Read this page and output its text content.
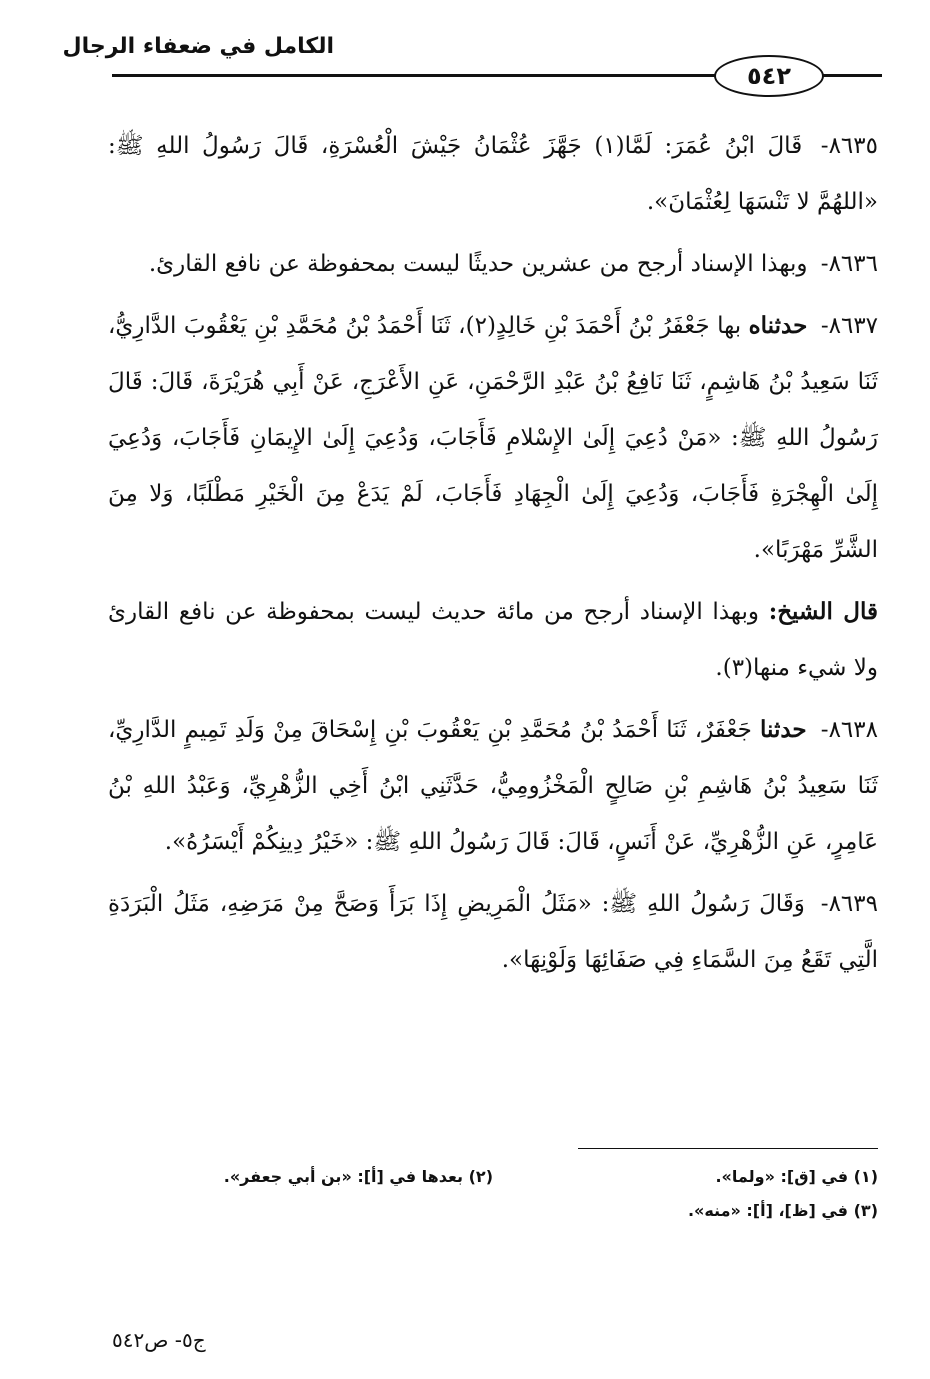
الكامل في ضعفاء الرجال
٥٤٢

٨٦٣٥- قَالَ ابْنُ عُمَرَ: لَمَّا(١) جَهَّزَ عُثْمَانُ جَيْشَ الْعُسْرَةِ، قَالَ رَسُولُ اللهِ ﷺ: «اللهُمَّ لا تَنْسَهَا لِعُثْمَانَ».

٨٦٣٦- وبهذا الإسناد أرجح من عشرين حديثًا ليست بمحفوظة عن نافع القارئ.

٨٦٣٧- حدثناه بها جَعْفَرُ بْنُ أَحْمَدَ بْنِ خَالِدٍ(٢)، ثَنَا أَحْمَدُ بْنُ مُحَمَّدِ بْنِ يَعْقُوبَ الدَّارِيُّ، ثَنَا سَعِيدُ بْنُ هَاشِمٍ، ثَنَا نَافِعُ بْنُ عَبْدِ الرَّحْمَنِ، عَنِ الأَعْرَجِ، عَنْ أَبِي هُرَيْرَةَ، قَالَ: قَالَ رَسُولُ اللهِ ﷺ: «مَنْ دُعِيَ إِلَىٰ الإِسْلامِ فَأَجَابَ، وَدُعِيَ إِلَىٰ الإِيمَانِ فَأَجَابَ، وَدُعِيَ إِلَىٰ الْهِجْرَةِ فَأَجَابَ، وَدُعِيَ إِلَىٰ الْجِهَادِ فَأَجَابَ، لَمْ يَدَعْ مِنَ الْخَيْرِ مَطْلَبًا، وَلا مِنَ الشَّرِّ مَهْرَبًا».

قال الشيخ: وبهذا الإسناد أرجح من مائة حديث ليست بمحفوظة عن نافع القارئ ولا شيء منها(٣).

٨٦٣٨- حدثنا جَعْفَرٌ، ثَنَا أَحْمَدُ بْنُ مُحَمَّدِ بْنِ يَعْقُوبَ بْنِ إِسْحَاقَ مِنْ وَلَدِ تَمِيمٍ الدَّارِيِّ، ثَنَا سَعِيدُ بْنُ هَاشِمِ بْنِ صَالِحٍ الْمَخْزُومِيُّ، حَدَّثَنِي ابْنُ أَخِي الزُّهْرِيِّ، وَعَبْدُ اللهِ بْنُ عَامِرٍ، عَنِ الزُّهْرِيِّ، عَنْ أَنَسٍ، قَالَ: قَالَ رَسُولُ اللهِ ﷺ: «خَيْرُ دِينِكُمْ أَيْسَرُهُ».

٨٦٣٩- وَقَالَ رَسُولُ اللهِ ﷺ: «مَثَلُ الْمَرِيضِ إِذَا بَرَأَ وَصَحَّ مِنْ مَرَضِهِ، مَثَلُ الْبَرَدَةِ الَّتِي تَقَعُ مِنَ السَّمَاءِ فِي صَفَائِهَا وَلَوْنِهَا».

(١) في [ق]: «ولما».
(٢) بعدها في [أ]: «بن أبي جعفر».
(٣) في [ظ]، [أ]: «منه».
ج٥- ص٥٤٢
